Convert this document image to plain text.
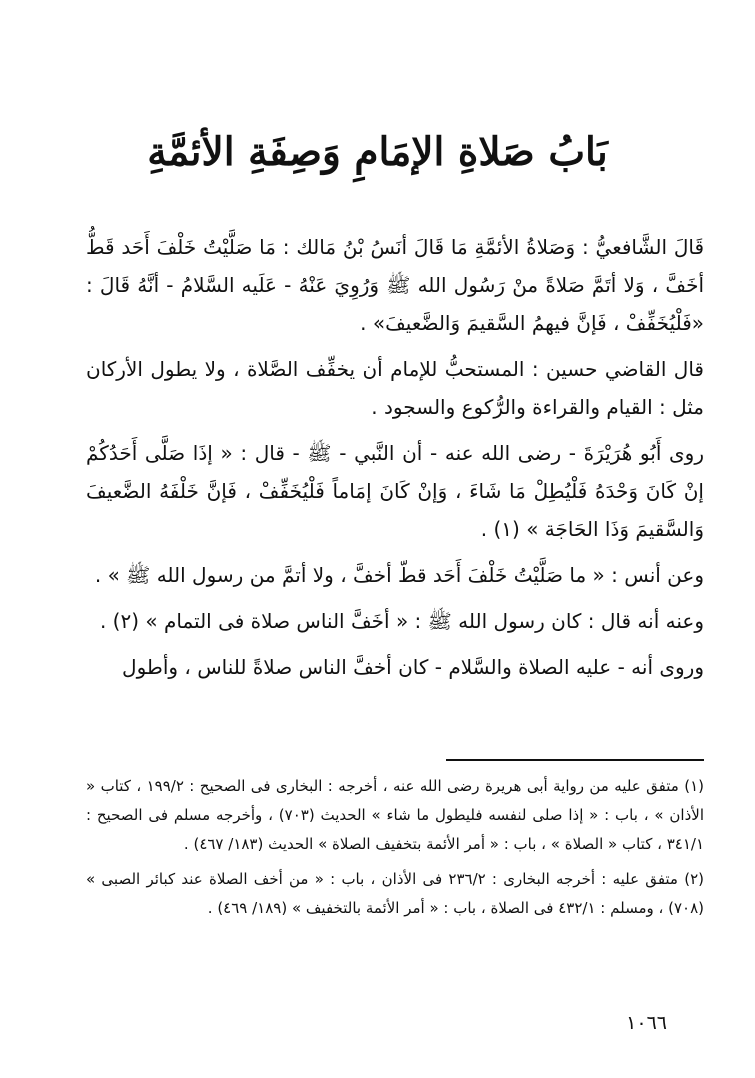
بَابُ صَلاةِ الإمَامِ وَصِفَةِ الأئمَّةِ

قَالَ الشَّافعيُّ : وَصَلاةُ الأئمَّةِ مَا قَالَ أنَسُ بْنُ مَالك : مَا صَلَّيْتُ خَلْفَ أَحَد قَطُّ أخَفَّ ، وَلا أتَمَّ صَلاةً منْ رَسُول الله ﷺ وَرُوِيَ عَنْهُ - عَلَيه السَّلامُ - أنَّهُ قَالَ : «فَلْيُخَفِّفْ ، فَإنَّ فيهمُ السَّقيمَ وَالضَّعيفَ» .

قال القاضي حسين : المستحبُّ للإمام أن يخفِّف الصَّلاة ، ولا يطول الأركان مثل : القيام والقراءة والرُّكوع والسجود .

روى أَبُو هُرَيْرَةَ - رضى الله عنه - أن النَّبي - ﷺ - قال : « إذَا صَلَّى أَحَدُكُمْ إنْ كَانَ وَحْدَهُ فَلْيُطِلْ مَا شَاءَ ، وَإنْ كَانَ إمَاماً فَلْيُخَفِّفْ ، فَإنَّ خَلْفَهُ الضَّعيفَ وَالسَّقيمَ وَذَا الحَاجَة » (١) .

وعن أنس : « ما صَلَّيْتُ خَلْفَ أَحَد قطّ أخفَّ ، ولا أتمَّ من رسول الله ﷺ » .

وعنه أنه قال : كان رسول الله ﷺ : « أخَفَّ الناس صلاة فى التمام » (٢) .

وروى أنه - عليه الصلاة والسَّلام - كان أخفَّ الناس صلاةً للناس ، وأطول

(١) متفق عليه من رواية أبى هريرة رضى الله عنه ، أخرجه : البخارى فى الصحيح : ١٩٩/٢ ، كتاب « الأذان » ، باب : « إذا صلى لنفسه فليطول ما شاء » الحديث (٧٠٣) ، وأخرجه مسلم فى الصحيح : ٣٤١/١ ، كتاب « الصلاة » ، باب : « أمر الأئمة بتخفيف الصلاة » الحديث (١٨٣/ ٤٦٧) .

(٢) متفق عليه : أخرجه البخارى : ٢٣٦/٢ فى الأذان ، باب : « من أخف الصلاة عند كبائر الصبى » (٧٠٨) ، ومسلم : ٤٣٢/١ فى الصلاة ، باب : « أمر الأئمة بالتخفيف » (١٨٩/ ٤٦٩) .

١٠٦٦
